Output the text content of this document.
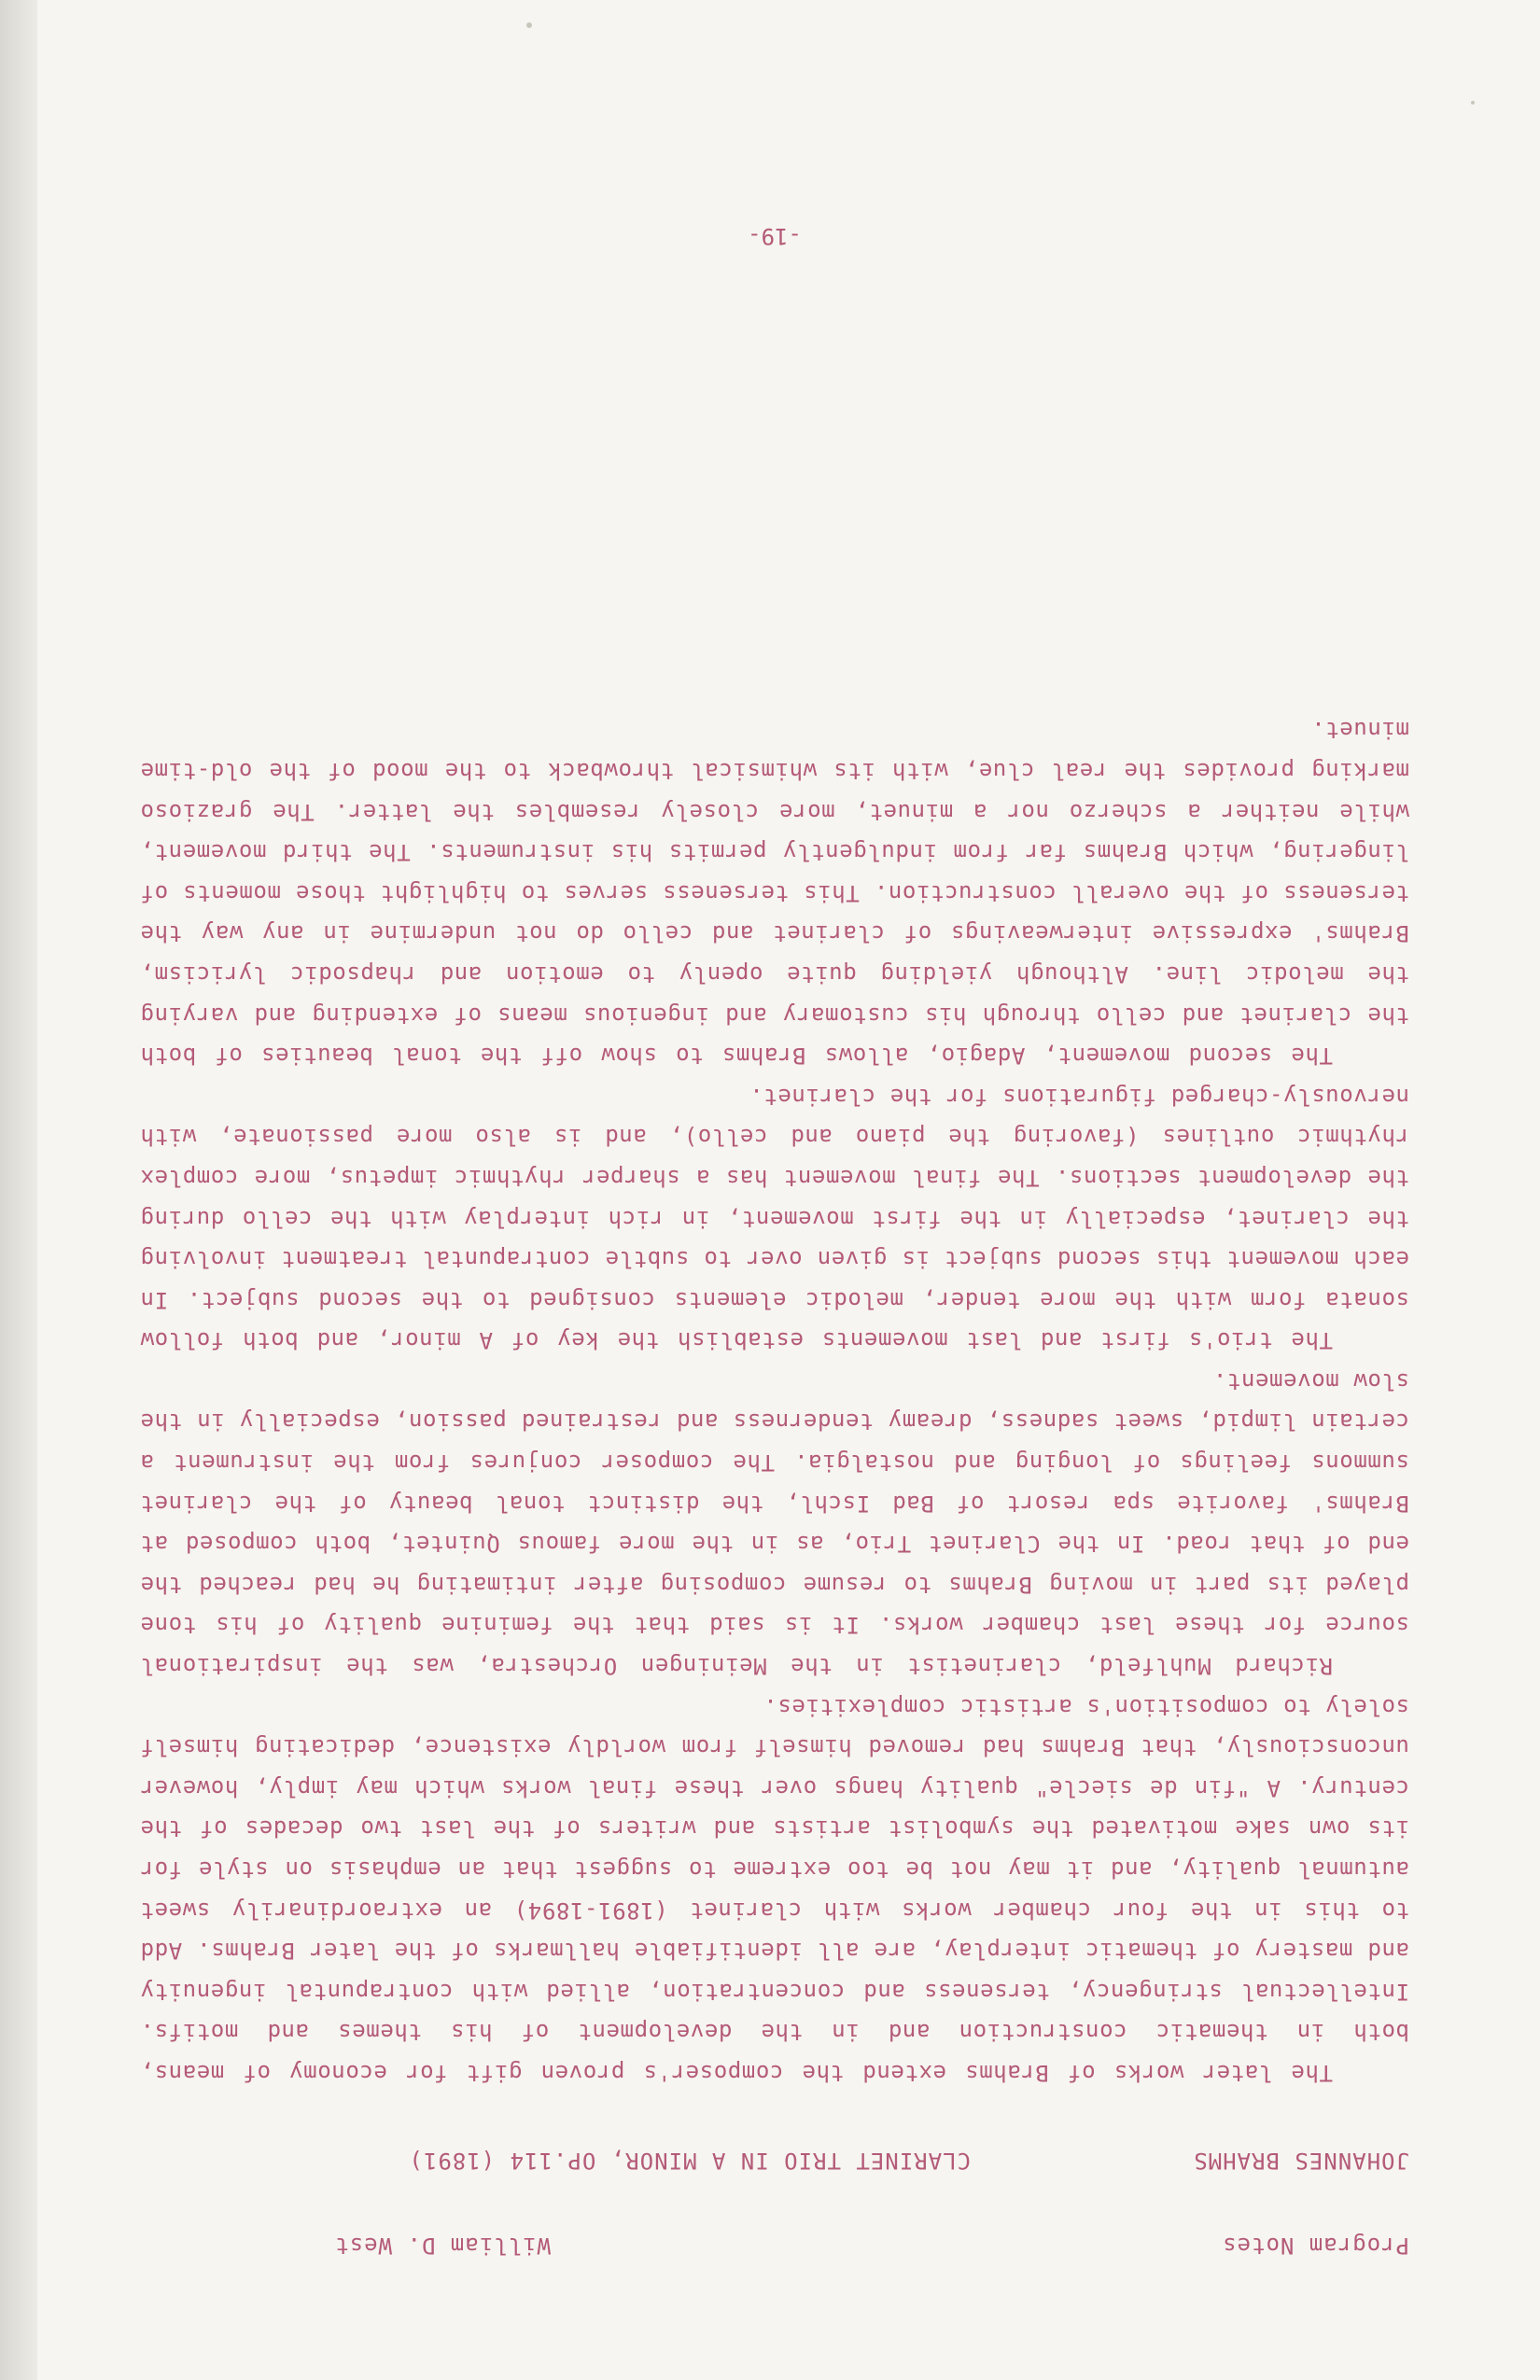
Program Notes

William D. West

JOHANNES BRAHMS

CLARINET TRIO IN A MINOR, OP.114 (1891)

The later works of Brahms extend the composer's proven gift for economy of means, both in thematic construction and in the development of his themes and motifs. Intellectual stringency, terseness and concentration, allied with contrapuntal ingenuity and mastery of thematic interplay, are all identifiable hallmarks of the later Brahms. Add to this in the four chamber works with clarinet (1891-1894) an extraordinarily sweet autumnal quality, and it may not be too extreme to suggest that an emphasis on style for its own sake motivated the symbolist artists and writers of the last two decades of the century. A "fin de siecle" quality hangs over these final works which may imply, however unconsciously, that Brahms had removed himself from worldly existence, dedicating himself solely to composition's artistic complexities.

Richard Muhlfeld, clarinetist in the Meiningen Orchestra, was the inspirational source for these last chamber works. It is said that the feminine quality of his tone played its part in moving Brahms to resume composing after intimating he had reached the end of that road. In the Clarinet Trio, as in the more famous Quintet, both composed at Brahms' favorite spa resort of Bad Ischl, the distinct tonal beauty of the clarinet summons feelings of longing and nostalgia. The composer conjures from the instrument a certain limpid, sweet sadness, dreamy tenderness and restrained passion, especially in the slow movement.

The trio's first and last movements establish the key of A minor, and both follow sonata form with the more tender, melodic elements consigned to the second subject. In each movement this second subject is given over to subtle contrapuntal treatment involving the clarinet, especially in the first movement, in rich interplay with the cello during the development sections. The final movement has a sharper rhythmic impetus, more complex rhythmic outlines (favoring the piano and cello), and is also more passionate, with nervously-charged figurations for the clarinet.

The second movement, Adagio, allows Brahms to show off the tonal beauties of both the clarinet and cello through his customary and ingenious means of extending and varying the melodic line. Although yielding quite openly to emotion and rhapsodic lyricism, Brahms' expressive interweavings of clarinet and cello do not undermine in any way the terseness of the overall construction. This terseness serves to highlight those moments of lingering, which Brahms far from indulgently permits his instruments. The third movement, while neither a scherzo nor a minuet, more closely resembles the latter. The grazioso marking provides the real clue, with its whimsical throwback to the mood of the old-time minuet.

-19-
